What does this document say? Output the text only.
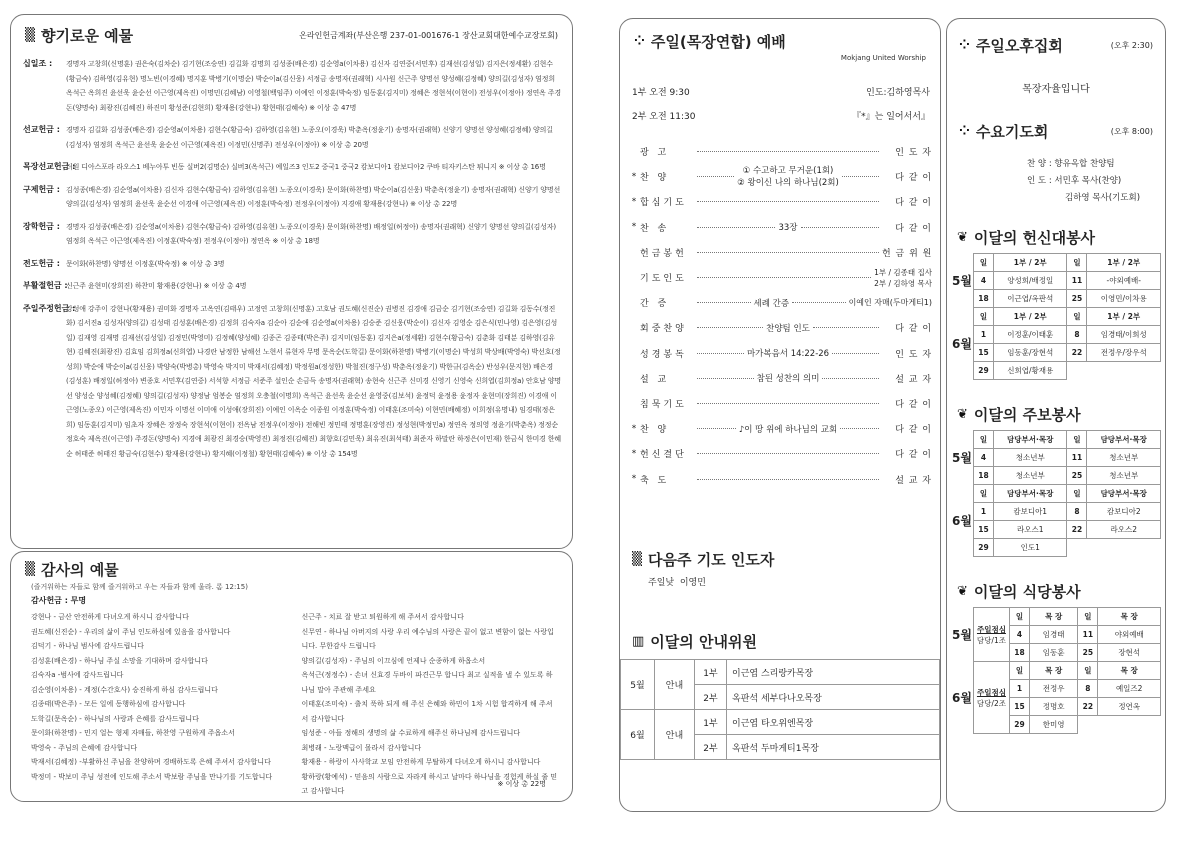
▒ 향기로운 예물	온라인헌금계좌(부산은행 237-01-001676-1 장산교회대한예수교장로회)
십일조 :	경명자 고창희(신명훈) 권은숙(김차순) 김기현(조승연) 김길화 김명희 김성종(배은경) 김순영a(이차용) 김신자 김연중(서민후) 김재선(김성일) 김지은(정세환) 김현수(황금숙) 김하영(김유현) 명노빈(이경혜) 명지훈 박병기(이명순) 박순이a(김신웅) 서정금 송명자(권래혁) 시사원 신근주 양명선 양성혜(김정혜) 양의길(김성자) 염정희 옥석근 옥희진 윤선욱 윤순선 이근영(제옥진) 이명민(김혜남) 이영철(백임주) 이예인 이정훈(박숙정) 임동훈(김지미) 정혜은 정현석(이현이) 전성우(이정아) 정연옥 주경돈(양명숙) 최광진(김혜진) 하진미 황성준(김현희) 황재용(강현나) 황현태(김혜숙) ※ 이상 총 47명
선교헌금 : 경명자 김길화 김성종(배은경) 김순영a(이차용) 김현수(황금숙) 김하영(김유현) 노종오(이경욱) 박춘옥(정윤기) 송명자(권래혁) 신양기 양명선 양성혜(김정혜) 양의길(김성자) 염정희 옥석근 윤선욱 윤순선 이근영(제옥진) 이정민(신명주) 전성우(이정아) ※ 이상 총 20명
목장선교헌금 :
더원 디아스포라 라오스1 베누아투 빈동 실버2(김명순) 실버3(옥석근) 예일즈3 인도2 중국1 중국2 캄보디아1 캄보디아2 쿠바 티자키스탄 튀니지 ※ 이상 총 16명
구제헌금 : 김성종(배은경) 김순영a(이차용) 김신자 김현수(황금숙) 김하영(김유현) 노종오(이경욱) 문이화(하찬명) 박순이a(김신웅) 박춘옥(정윤기) 송명자(권래혁) 신양기 양명선 양의길(김성자) 염정희 윤선욱 윤순선 이경애 이근영(제옥진) 이정훈(박숙정) 전정우(이정아) 지경애 황재용(강현나) ※ 이상 총 22명
장학헌금 : 경명자 김성종(배은경) 김순영a(이차용) 김현수(황금숙) 김하영(김유현) 노종오(이경욱) 문이화(하찬명) 배정일(허정아) 송명자(권래혁) 신양기 양명선 양의길(김성자) 염정희 옥석근 이근영(제옥진) 이정훈(박숙정) 전정우(이정아) 정연옥 ※ 이상 총 18명
전도헌금 : 문이화(하찬명) 양명선 이정훈(박숙정) ※ 이상 총 3명
부활절헌금 :
신근주 윤현미(장희진) 하찬미 황재용(강현나) ※ 이상 총 4명
주일주정헌금 :
강성애 강주이 강현나(황재용) 권미화 경명자 고옥연(김태우) 고정연 고창희(신명훈) 고호남 권도혜(신진순) 권병진 김경애 김금순 김기현(조승연) 김길화 김동수(정진화) 김서진a 김성자(양의길) 김성태 김성훈(배은경) 김정희 김숙자a 김순아 김순애 김순영a(이차용) 김승준 김신웅(박순이) 김신자 김영순 김은식(민나영) 김은영(김성일) 김재영 김재명 김재선(김성일) 김정민(박영미) 김정혜(양성혜) 김종곤 김종태(박은주) 김지미(임동훈) 김지은a(정세환) 김현수(황금숙) 김춘화 김태분 김하영(김유현) 김혜진(최광진) 김효임 김희정a(신희엽) 나경란 남정한 남해선 노현서 류현자 무명 문옥순(도학길) 문이화(하찬명) 박병기(이명순) 박성희 박상배(박영숙) 박선호(정성희) 박순애 박순이a(김신웅) 박양숙(박병총) 박영숙 박지미 박재서(김혜정) 박정원a(정성한) 박철진(정구성) 박춘옥(정윤기) 박한규(김옥순) 반성우(문지현) 배은경(김성훈) 배정일(허정아) 변종호 서민후(김연중) 서석향 서정금 서준주 설인순 손금득 송명자(권래혁) 송현숙 신근주 신미경 신영기 신영숙 신희엽(김희정a) 안호남 양명선 양성순 양성혜(김정혜) 양의길(김성자) 양정남 엄봉순 염정희 오충철(이명희) 옥석근 윤선욱 윤순선 윤영중(김보석) 윤정덕 윤정용 윤정자 윤현미(장희진) 이경애 이근영(노종오) 이근영(제옥진) 이민자 이명선 이미애 이성애(장희진) 이예인 이옥순 이종원 이정훈(박숙정) 이태훈(조미숙) 이현민(배혜정) 이희정(유명내) 임경태(정은희) 임동훈(김지미) 임초자 장혜은 장정숙 장현석(이현이) 전옥남 전정우(이정아) 전해빈 정민태 정명훈(장영진) 정성현(박정민a) 정연옥 정의영 정윤기(박춘옥) 정정순 정호숙 제옥진(이근영) 주경돈(양명숙) 지경애 최광진 최경승(박영진) 최정진(김혜진) 최향호(김민욱) 최유진(최석태) 최준자 하말란 하정은(이민재) 한금식 한미경 한혜순 허태준 허태진 황금숙(김현수) 황재용(강현나) 황지혜(이정철) 황현태(김혜숙) ※ 이상 총 154명
▒ 감사의 예물
(즐거워하는 자들로 함께 즐거워하고 우는 자들과 함께 울라. 롬 12:15)
감사헌금 : 무명
강현나 - 금산 안전하게 다녀오게 하시니 감사합니다
권도혜(신진순) - 우리의 삶이 주님 인도하심에 있음을 감사합니다
김덕기 - 하나님 범사에 감사드립니다
김성훈(배은경) - 하나님 주실 소망을 기대하며 감사합니다
김숙자a -범사에 감사드립니다
김순영(이차용) - 계정(수간호사) 승진하게 하심 감사드립니다
김종태(박은주) - 모든 일에 동행하심에 감사합니다
도학길(문옥순) - 하나님의 사랑과 은혜를 감사드립니다
문이화(하찬명) - 민지 얼는 형제 자매들, 하찬영 구원하게 주옵소서
박영숙 - 주님의 은혜에 감사합니다
박재서(김혜정) -부활하신 주님을 찬양하며 경배하도록 은혜 주셔서 감사합니다
박정미 - 박보미 주님 성전에 인도해 주소서 박보람 주님을 만나기를 기도합니다
신근주 - 치료 잘 받고 퇴원하게 해 주셔서 감사합니다
신무연 - 하나님 아버지의 사랑 우리 예수님의 사랑은 끝이 없고 변함이 없는 사랑입니다. 무한감사 드립니다
양의길(김성자) - 주님의 이끄심에 언제나 순종하게 하옵소서
옥석근(정정수) - 손녀 신효경 두바이 파견근무 합니다 최고 실적을 낼 수 있도록 하나님 말아 주관해 주세요
이태훈(조미숙) - 출치 푹하 되게 해 주신 은혜와 하민이 1차 시험 합격하게 해 주셔서 감사합니다
임성준 - 아들 정해의 생명의 삶 수료하게 해주신 하나님께 감사드립니다
최병래 - 노랑맥급이 몰라서 감사합니다
황재용 - 하랑이 사사학교 모임 안전하게 무탈하게 다녀오게 하시니 감사합니다
황하랑(황예석) - 믿음의 사람으로 자라게 하시고 날마다 하나님을 경험케 하실 줄 믿고 감사합니다
※ 이상 총 22명
⁘ 주일(목장연합) 예배
Mokjang United Worship
1부 오전 9:30	인도:김하영목사
2부 오전 11:30	『*』는 일어서서』
광 고	인 도 자
* 찬 양
① 수고하고 무거운(1회)
② 왕이신 나의 하나님(2회)	다 같 이
* 합심기도	다 같 이
* 찬 송	33장	다 같 이
헌금봉헌	헌 금 위 원
기도인도
1부 / 김종태 집사
2부 / 김하영 목사
간 증	세례 간증	이예인 자매(두마게티1)
회중찬양	찬양팀 인도	다 같 이
성경봉독	마가복음서 14:22-26	인 도 자
설 교	참된 성찬의 의미	설 교 자
침묵기도	다 같 이
* 찬 양	♪이 땅 위에 하나님의 교회	다 같 이
* 헌신결단	다 같 이
* 축 도	설 교 자
▒ 다음주 기도 인도자
주일낮 이영민
▥ 이달의 안내위원
5월	안내	1부	이근엽 스리랑카목장
		2부	옥판석 세부다나오목장
6월	안내	1부	이근엽 타오위엔목장
		2부	옥판석 두마게티1목장
⁘ 주일오후집회	(오후 2:30)
목장자율입니다
⁘ 수요기도회	(오후 8:00)
찬 양 : 향유옥합 찬양팀
인 도 : 서민후 목사(찬양)
김하영 목사(기도회)
❦ 이달의 헌신대봉사
5월	일	1부 / 2부	일	1부 / 2부
	4	양성희/배정일	11	-야외예배-
	18	이근엽/옥판석	25	이영민/이차용
6월	일	1부 / 2부	일	1부 / 2부
	1	이정훈/이태훈	8	임경태/이희성
	15	임동훈/장현석	22	전정우/장우석
	29	신희엽/황재용		
❦ 이달의 주보봉사
5월	일	담당부서·목장	일	담당부서·목장
	4	청소년부	11	청소년부
	18	청소년부	25	청소년부
6월	일	담당부서·목장	일	담당부서·목장
	1	캄보디아1	8	캄보디아2
	15	라오스1	22	라오스2
	29	인도1		
❦ 이달의 식당봉사
5월	주일점심
담당/1조	일	목 장	일	목 장
		4	임경태	11	야외예배
		18	임동훈	25	장현석
6월	주일점심
담당/2조	일	목 장	일	목 장
		1	전정우	8	예일즈2
		15	정명호	22	정연옥
		29	한미영		
